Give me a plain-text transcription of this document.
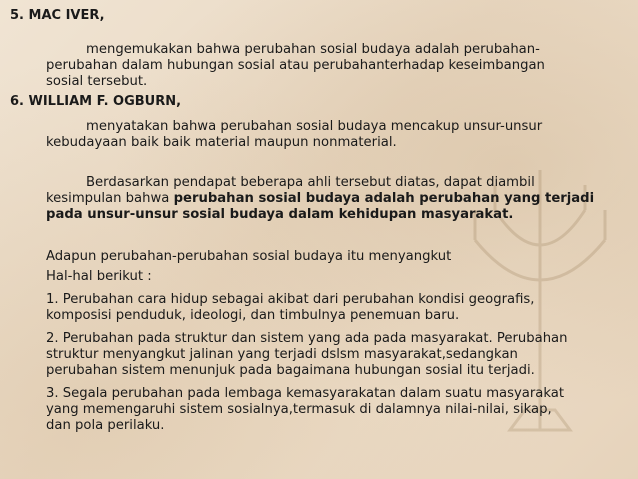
5. MAC IVER,
mengemukakan bahwa perubahan sosial budaya adalah perubahan-
perubahan dalam hubungan sosial atau perubahanterhadap keseimbangan
sosial tersebut.
6. WILLIAM F. OGBURN,
menyatakan bahwa perubahan sosial budaya mencakup unsur-unsur
kebudayaan baik baik material maupun nonmaterial.
Berdasarkan pendapat beberapa ahli tersebut diatas, dapat diambil
kesimpulan bahwa perubahan sosial budaya adalah perubahan yang terjadi
pada unsur-unsur sosial budaya dalam kehidupan masyarakat.
Adapun perubahan-perubahan sosial budaya itu menyangkut
Hal-hal berikut :
1. Perubahan cara hidup sebagai akibat dari perubahan kondisi geografis,
komposisi penduduk, ideologi, dan timbulnya penemuan baru.
2. Perubahan pada struktur dan sistem yang ada pada masyarakat. Perubahan
struktur menyangkut jalinan yang terjadi dslsm masyarakat,sedangkan
perubahan sistem menunjuk pada bagaimana hubungan sosial itu terjadi.
3. Segala perubahan pada lembaga kemasyarakatan dalam suatu masyarakat
yang memengaruhi sistem sosialnya,termasuk di dalamnya nilai-nilai, sikap,
dan pola perilaku.
